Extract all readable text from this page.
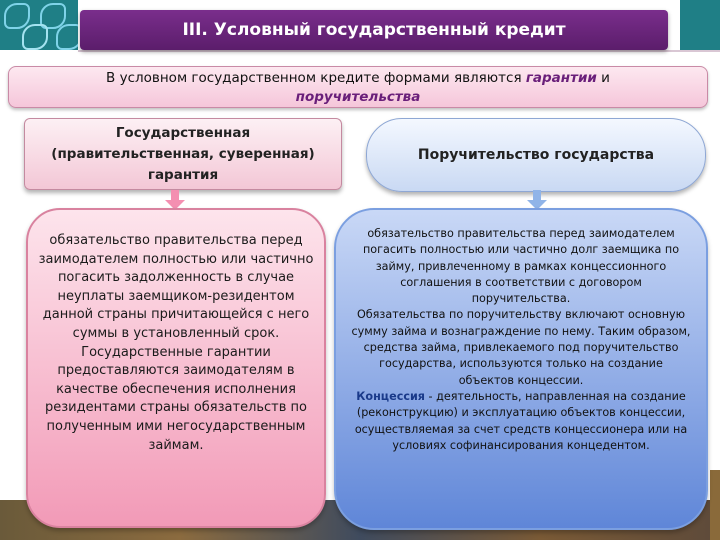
III. Условный государственный кредит
В условном государственном кредите формами являются гарантии и
поручительства
Государственная (правительственная, суверенная) гарантия
Поручительство государства

обязательство правительства перед заимодателем полностью или частично погасить задолженность в случае неуплаты заемщиком-резидентом данной страны причитающейся с него суммы в установленный срок. Государственные гарантии предоставляются заимодателям в качестве обеспечения исполнения резидентами страны обязательств по полученным ими негосударственным займам.

обязательство правительства перед заимодателем погасить полностью или частично долг заемщика по займу, привлеченному в рамках концессионного соглашения в соответствии с договором поручительства.

Обязательства по поручительству включают основную сумму займа и вознаграждение по нему. Таким образом, средства займа, привлекаемого под поручительство государства, используются только на создание объектов концессии.

Концессия - деятельность, направленная на создание (реконструкцию) и эксплуатацию объектов концессии, осуществляемая за счет средств концессионера или на условиях софинансирования концедентом.
